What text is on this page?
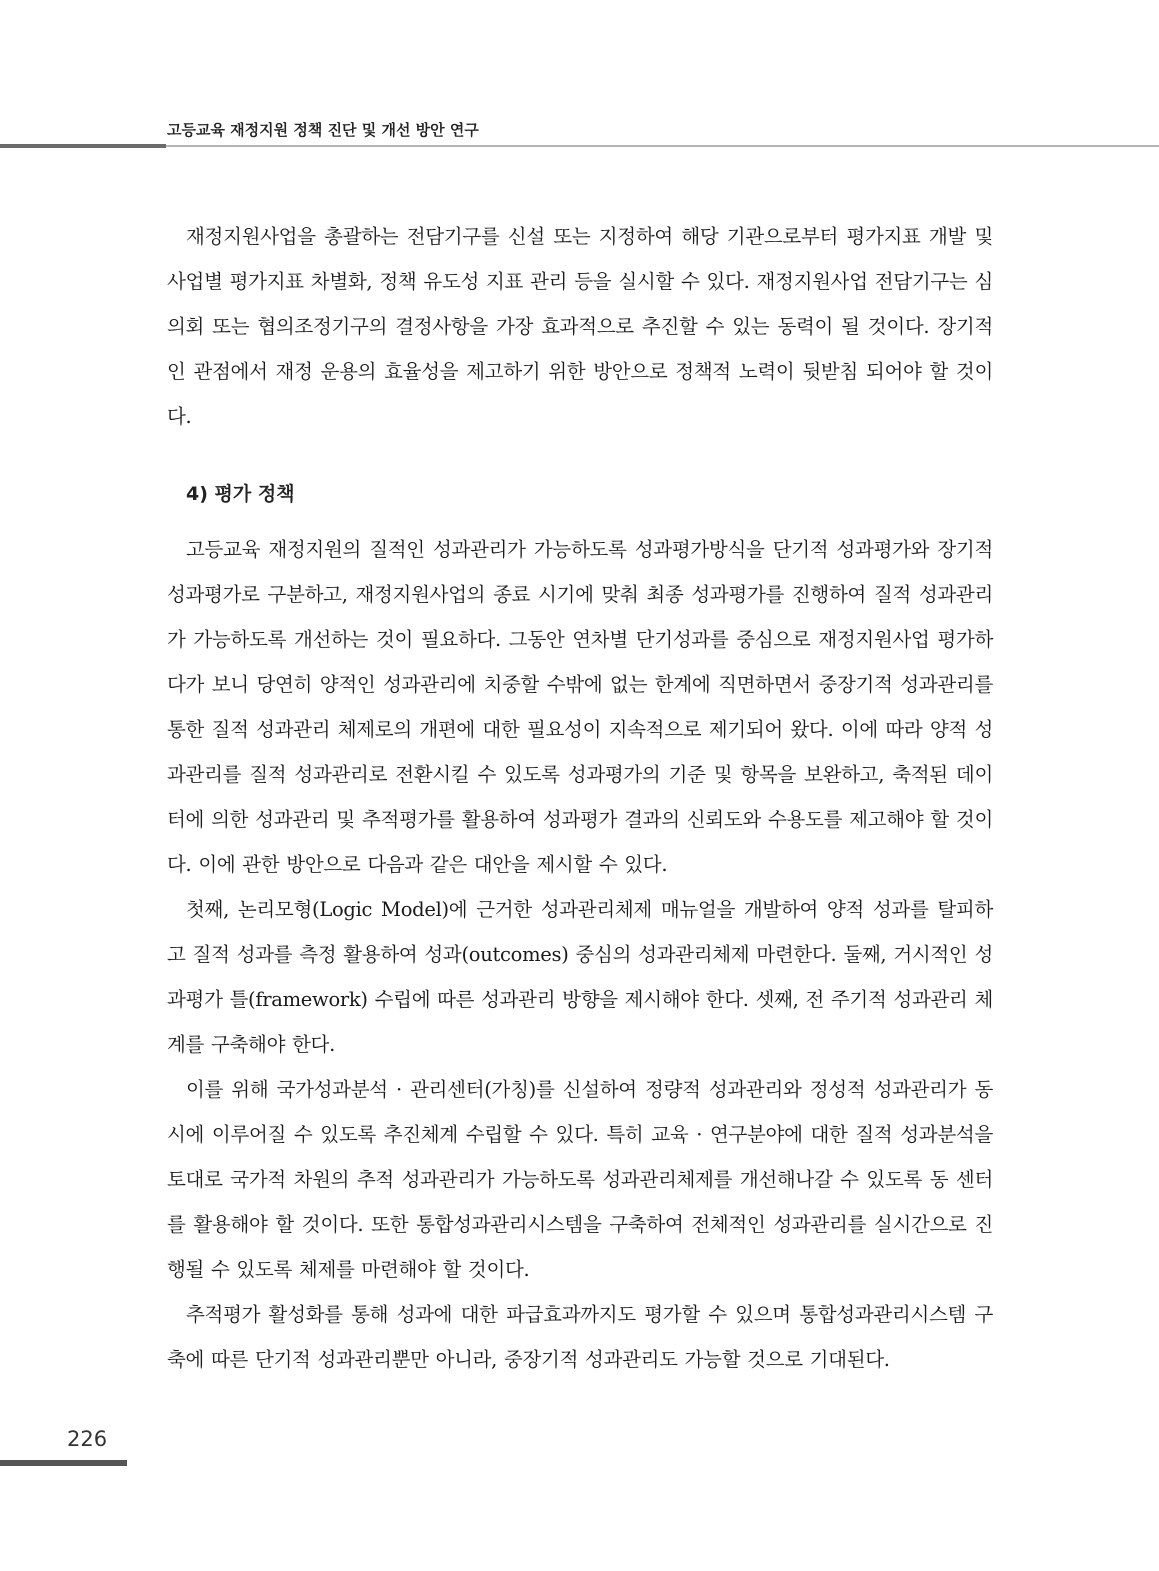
고등교육 재정지원 정책 진단 및 개선 방안 연구

재정지원사업을 총괄하는 전담기구를 신설 또는 지정하여 해당 기관으로부터 평가지표 개발 및 사업별 평가지표 차별화, 정책 유도성 지표 관리 등을 실시할 수 있다. 재정지원사업 전담기구는 심의회 또는 협의조정기구의 결정사항을 가장 효과적으로 추진할 수 있는 동력이 될 것이다. 장기적인 관점에서 재정 운용의 효율성을 제고하기 위한 방안으로 정책적 노력이 뒷받침 되어야 할 것이다.

4) 평가 정책

고등교육 재정지원의 질적인 성과관리가 가능하도록 성과평가방식을 단기적 성과평가와 장기적 성과평가로 구분하고, 재정지원사업의 종료 시기에 맞춰 최종 성과평가를 진행하여 질적 성과관리가 가능하도록 개선하는 것이 필요하다. 그동안 연차별 단기성과를 중심으로 재정지원사업 평가하다가 보니 당연히 양적인 성과관리에 치중할 수밖에 없는 한계에 직면하면서 중장기적 성과관리를 통한 질적 성과관리 체제로의 개편에 대한 필요성이 지속적으로 제기되어 왔다. 이에 따라 양적 성과관리를 질적 성과관리로 전환시킬 수 있도록 성과평가의 기준 및 항목을 보완하고, 축적된 데이터에 의한 성과관리 및 추적평가를 활용하여 성과평가 결과의 신뢰도와 수용도를 제고해야 할 것이다. 이에 관한 방안으로 다음과 같은 대안을 제시할 수 있다.

첫째, 논리모형(Logic Model)에 근거한 성과관리체제 매뉴얼을 개발하여 양적 성과를 탈피하고 질적 성과를 측정 활용하여 성과(outcomes) 중심의 성과관리체제 마련한다. 둘째, 거시적인 성과평가 틀(framework) 수립에 따른 성과관리 방향을 제시해야 한다. 셋째, 전 주기적 성과관리 체계를 구축해야 한다.

이를 위해 국가성과분석 · 관리센터(가칭)를 신설하여 정량적 성과관리와 정성적 성과관리가 동시에 이루어질 수 있도록 추진체계 수립할 수 있다. 특히 교육 · 연구분야에 대한 질적 성과분석을 토대로 국가적 차원의 추적 성과관리가 가능하도록 성과관리체제를 개선해나갈 수 있도록 동 센터를 활용해야 할 것이다. 또한 통합성과관리시스템을 구축하여 전체적인 성과관리를 실시간으로 진행될 수 있도록 체제를 마련해야 할 것이다.

추적평가 활성화를 통해 성과에 대한 파급효과까지도 평가할 수 있으며 통합성과관리시스템 구축에 따른 단기적 성과관리뿐만 아니라, 중장기적 성과관리도 가능할 것으로 기대된다.

226
